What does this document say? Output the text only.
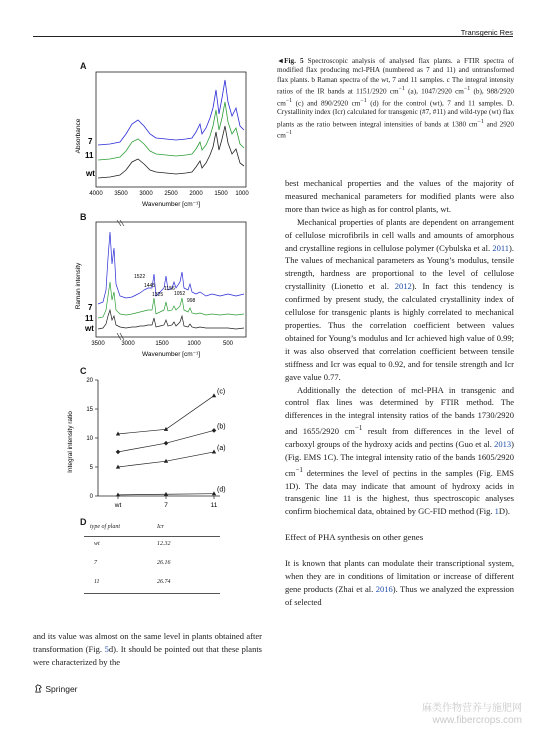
Transgenic Res
A
Absorbance
4000 3500 3000 2500 2000 1500 1000
Wavenumber [cm⁻¹]
7
11
wt
B
Raman intensity
3500	3000	1500	1000	500
Wavenumber [cm⁻¹]
1522
1445
1325
1156
1052
998
7
11
wt
C
Integral intensity ratio
0
5
10
15
20
wt	7	11
(c)
(b)
(a)
(d)
D type of plant	Icr
wt	12.32
7	26.16
11	26.74
◄Fig. 5 Spectroscopic analysis of analysed flax plants. a FTIR spectra of modified flax producing mcl-PHA (numbered as 7 and 11) and untransformed flax plants. b Raman spectra of the wt, 7 and 11 samples. c The integral intensity ratios of the IR bands at 1151/2920 $cm^{-1}$ (a), 1047/2920 $cm^{-1}$ (b), 988/2920 $cm^{-1}$ (c) and 890/2920 $cm^{-1}$ (d) for the control (wt), 7 and 11 samples. D. Crystallinity index (Icr) calculated for transgenic (#7, #11) and wild-type (wt) flax plants as the ratio between integral intensities of bands at 1380 $cm^{-1}$ and 2920 $cm^{-1}$

best mechanical properties and the values of the majority of measured mechanical parameters for modified plants were also more than twice as high as for control plants, wt.

Mechanical properties of plants are dependent on arrangement of cellulose microfibrils in cell walls and amounts of amorphous and crystalline regions in cellulose polymer (Cybulska et al. 2011). The values of mechanical parameters as Young’s modulus, tensile strength, hardness are proportional to the level of cellulose crystallinity (Lionetto et al. 2012). In fact this tendency is confirmed by present study, the calculated crystallinity index of cellulose for transgenic plants is highly correlated to mechanical properties. Thus the correlation coefficient between values obtained for Young’s modulus and Icr achieved high value of 0.99; it was also observed that correlation coefficient between tensile stiffness and Icr was equal to 0.92, and for tensile strength and Icr gave value 0.77.

Additionally the detection of mcl-PHA in transgenic and control flax lines was determined by FTIR method. The differences in the integral intensity ratios of the bands 1730/2920 and 1655/2920 $cm^{-1}$ result from differences in the level of carboxyl groups of the hydroxy acids and pectins (Guo et al. 2013) (Fig. EMS 1C). The integral intensity ratio of the bands 1605/2920 $cm^{-1}$ determines the level of pectins in the samples (Fig. EMS 1D). The data may indicate that amount of hydroxy acids in transgenic line 11 is the highest, thus spectroscopic analyses confirm biochemical data, obtained by GC-FID method (Fig. 1D).

Effect of PHA synthesis on other genes

It is known that plants can modulate their transcriptional system, when they are in conditions of limitation or increase of different gene products (Zhai et al. 2016). Thus we analyzed the expression of selected

and its value was almost on the same level in plants obtained after transformation (Fig. 5d). It should be pointed out that these plants were characterized by the

Springer
麻类作物营养与施肥网
www.fibercrops.com
